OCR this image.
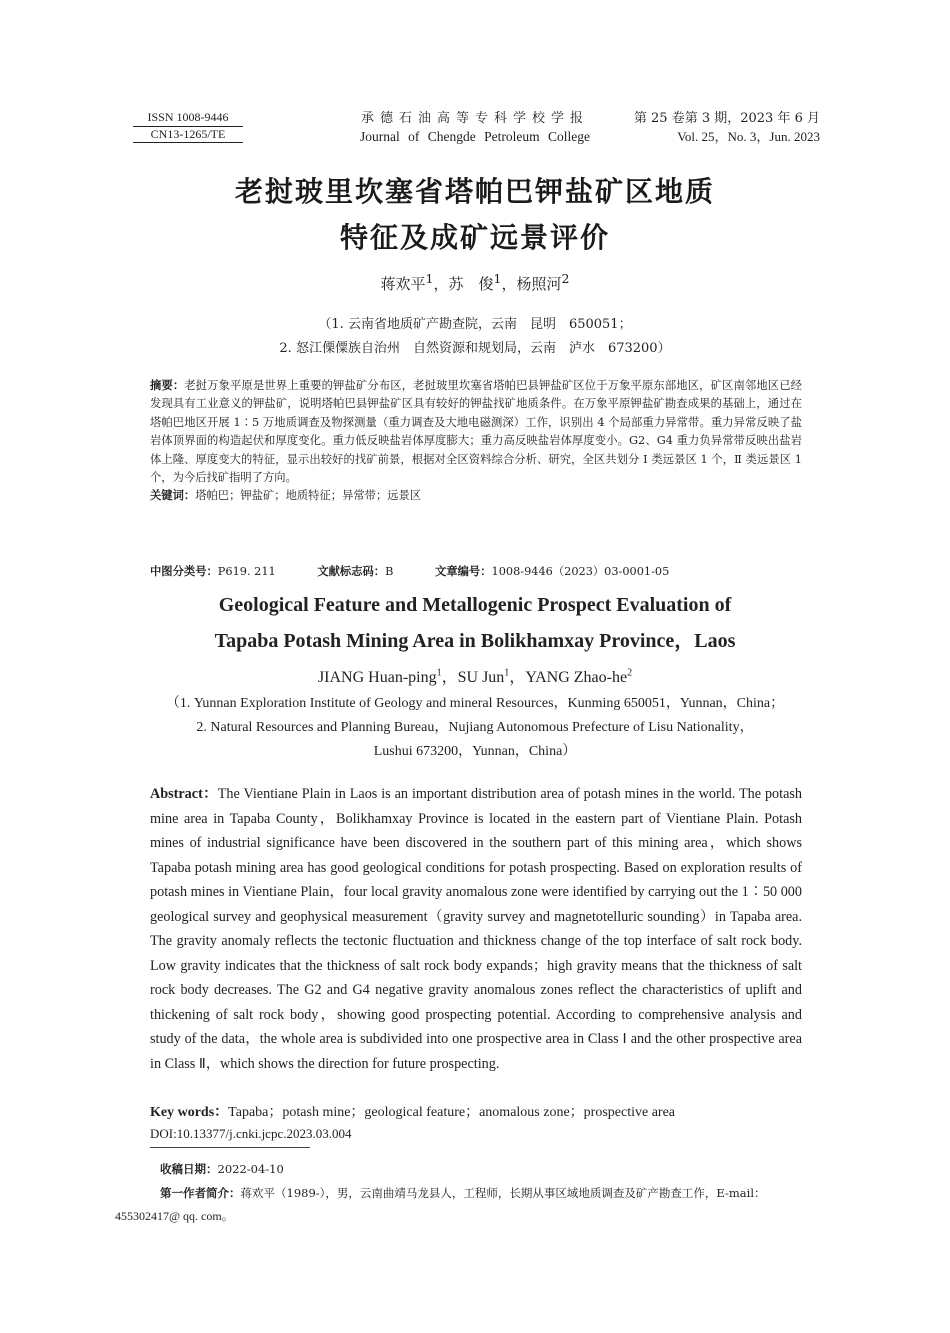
ISSN 1008-9446
CN13-1265/TE
承德石油高等专科学校学报
Journal of Chengde Petroleum College
第 25 卷第 3 期，2023 年 6 月
Vol. 25，No. 3，Jun. 2023
老挝玻里坎塞省塔帕巴钾盐矿区地质
特征及成矿远景评价
蒋欢平$^1$，苏　俊$^1$，杨照河$^2$
（1. 云南省地质矿产勘查院，云南　昆明　650051；
2. 怒江傈僳族自治州　自然资源和规划局，云南　泸水　673200）
摘要：老挝万象平原是世界上重要的钾盐矿分布区，老挝玻里坎塞省塔帕巴县钾盐矿区位于万象平原东部地区，矿区南邻地区已经发现具有工业意义的钾盐矿，说明塔帕巴县钾盐矿区具有较好的钾盐找矿地质条件。在万象平原钾盐矿勘查成果的基础上，通过在塔帕巴地区开展 1∶5 万地质调查及物探测量（重力调查及大地电磁测深）工作，识别出 4 个局部重力异常带。重力异常反映了盐岩体顶界面的构造起伏和厚度变化。重力低反映盐岩体厚度膨大；重力高反映盐岩体厚度变小。G2、G4 重力负异常带反映出盐岩体上隆、厚度变大的特征，显示出较好的找矿前景，根据对全区资料综合分析、研究，全区共划分 Ⅰ 类远景区 1 个，Ⅱ 类远景区 1 个，为今后找矿指明了方向。
关键词：塔帕巴；钾盐矿；地质特征；异常带；远景区
中图分类号：P619. 211	文献标志码：B	文章编号：1008-9446（2023）03-0001-05
Geological Feature and Metallogenic Prospect Evaluation of
Tapaba Potash Mining Area in Bolikhamxay Province，Laos
JIANG Huan-ping$^1$，SU Jun$^1$，YANG Zhao-$he^2$
（1. Yunnan Exploration Institute of Geology and mineral Resources，Kunming 650051，Yunnan，China；
2. Natural Resources and Planning Bureau，Nujiang Autonomous Prefecture of Lisu Nationality，
Lushui 673200，Yunnan，China）
Abstract：The Vientiane Plain in Laos is an important distribution area of potash mines in the world. The potash mine area in Tapaba County，Bolikhamxay Province is located in the eastern part of Vientiane Plain. Potash mines of industrial significance have been discovered in the southern part of this mining area，which shows Tapaba potash mining area has good geological conditions for potash prospecting. Based on exploration results of potash mines in Vientiane Plain，four local gravity anomalous zone were identified by carrying out the 1∶50 000 geological survey and geophysical measurement（gravity survey and magnetotelluric sounding）in Tapaba area. The gravity anomaly reflects the tectonic fluctuation and thickness change of the top interface of salt rock body. Low gravity indicates that the thickness of salt rock body expands；high gravity means that the thickness of salt rock body decreases. The G2 and G4 negative gravity anomalous zones reflect the characteristics of uplift and thickening of salt rock body，showing good prospecting potential. According to comprehensive analysis and study of the data，the whole area is subdivided into one prospective area in Class Ⅰ and the other prospective area in Class Ⅱ，which shows the direction for future prospecting.
Key words：Tapaba；potash mine；geological feature；anomalous zone；prospective area
DOI:10.13377/j.cnki.jcpc.2023.03.004
收稿日期：2022-04-10
第一作者简介：蒋欢平（1989-），男，云南曲靖马龙县人，工程师，长期从事区域地质调查及矿产勘查工作，E-mail：
455302417@ qq. com。
